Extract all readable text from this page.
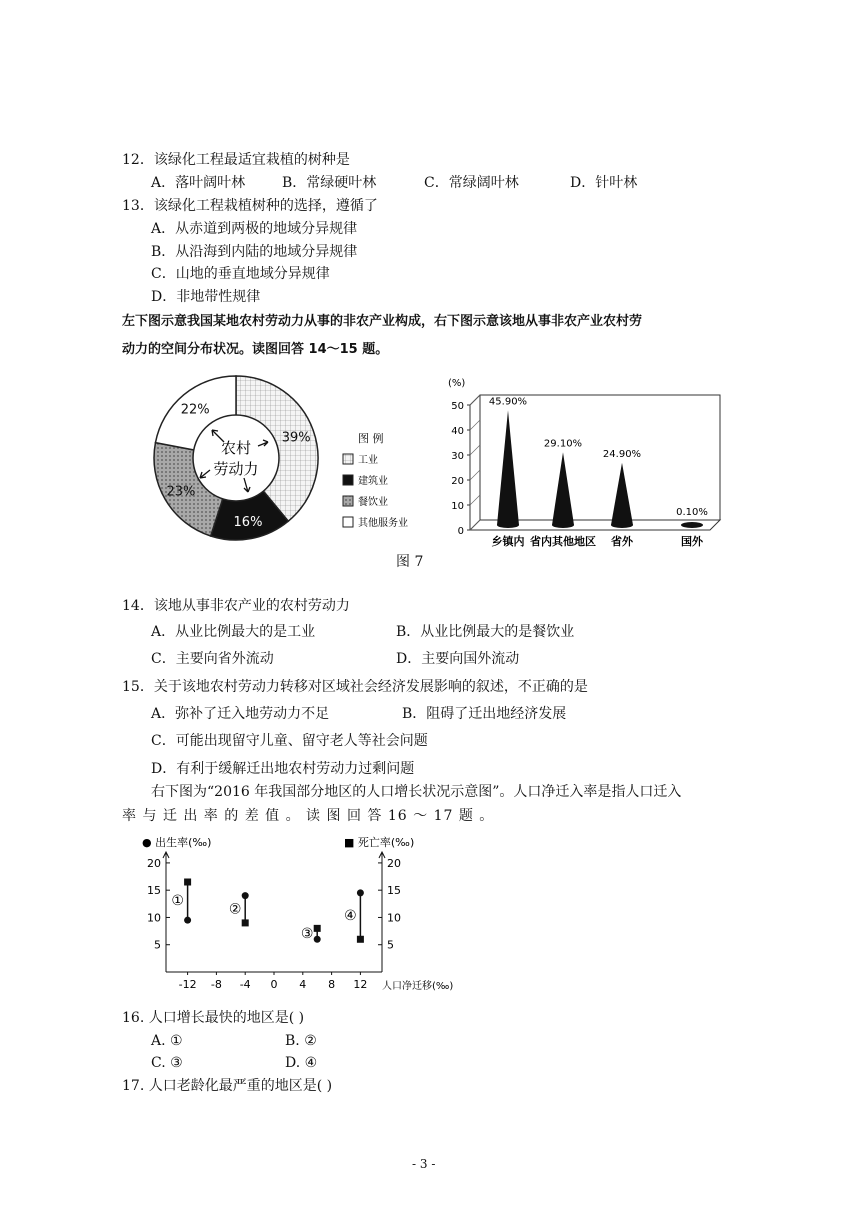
12．该绿化工程最适宜栽植的树种是
A．落叶阔叶林	B．常绿硬叶林	C．常绿阔叶林	D．针叶林
13．该绿化工程栽植树种的选择，遵循了
A．从赤道到两极的地域分异规律
B．从沿海到内陆的地域分异规律
C．山地的垂直地域分异规律
D．非地带性规律
左下图示意我国某地农村劳动力从事的非农产业构成，右下图示意该地从事非农产业农村劳
动力的空间分布状况。读图回答 14～15 题。
农村
劳动力
39%
16%
23%
22%
图 例
工业
建筑业
餐饮业
其他服务业
0
10
20
30
40
50 45.90%
29.10%
24.90%
0.10%
乡镇内 省内其他地区 省外	国外
(%)
图 7
14．该地从事非农产业的农村劳动力
A．从业比例最大的是工业	B．从业比例最大的是餐饮业
C．主要向省外流动	D．主要向国外流动
15．关于该地农村劳动力转移对区域社会经济发展影响的叙述，不正确的是
A．弥补了迁入地劳动力不足	B．阻碍了迁出地经济发展
C．可能出现留守儿童、留守老人等社会问题
D．有利于缓解迁出地农村劳动力过剩问题
右下图为“2016 年我国部分地区的人口增长状况示意图”。人口净迁入率是指人口迁入
率 与 迁 出 率 的 差 值 。 读 图 回 答 16 ～ 17 题 。
● 出生率(‰)	■ 死亡率(‰)
人口净迁移(‰)
5
10
15
20
5
10
15
20
-12 -8 -4 0 4 8 12
①
②
③
④
16. 人口增长最快的地区是( )
A. ①	B. ②
C. ③	D. ④
17. 人口老龄化最严重的地区是( )
- 3 -
